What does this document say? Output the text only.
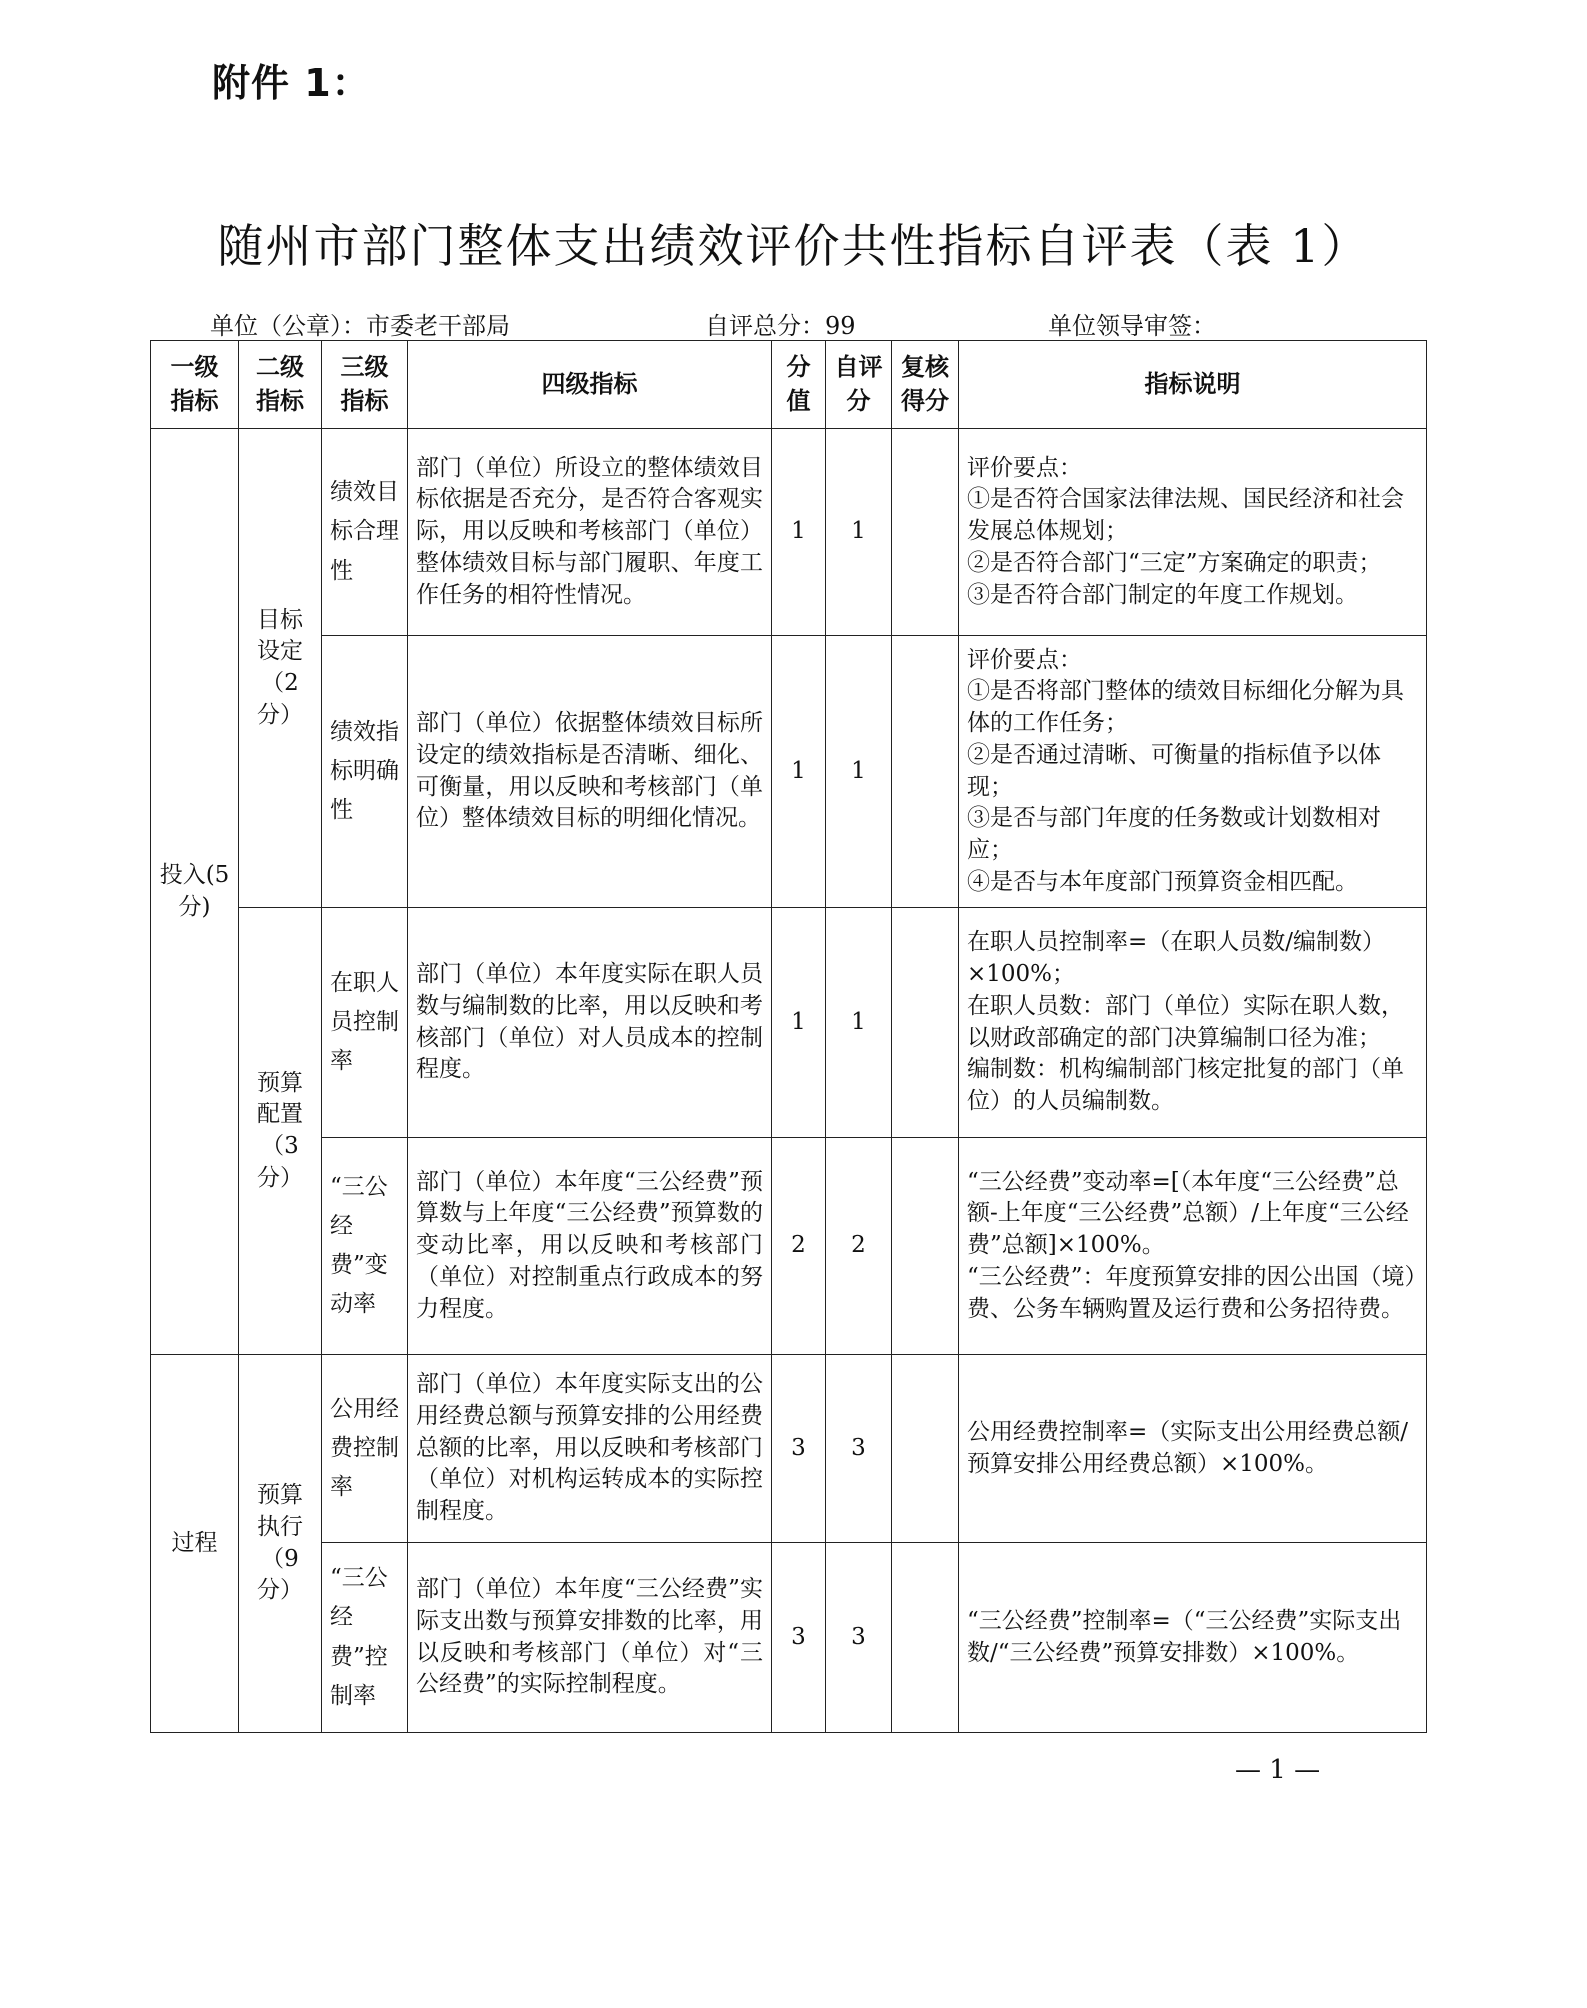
附件 1：
随州市部门整体支出绩效评价共性指标自评表（表 1）
单位（公章）：市委老干部局	自评总分：99	单位领导审签：
一级指标	二级指标	三级指标	四级指标	分值	自评分	复核得分	指标说明
投入(5分)	目标设定（2分）	绩效目标合理性	部门（单位）所设立的整体绩效目标依据是否充分，是否符合客观实际，用以反映和考核部门（单位）整体绩效目标与部门履职、年度工作任务的相符性情况。	1	1		评价要点：
①是否符合国家法律法规、国民经济和社会发展总体规划；
②是否符合部门“三定”方案确定的职责；
③是否符合部门制定的年度工作规划。

		绩效指标明确性	部门（单位）依据整体绩效目标所设定的绩效指标是否清晰、细化、可衡量，用以反映和考核部门（单位）整体绩效目标的明细化情况。	1	1		评价要点：
①是否将部门整体的绩效目标细化分解为具体的工作任务；
②是否通过清晰、可衡量的指标值予以体现；
③是否与部门年度的任务数或计划数相对应；
④是否与本年度部门预算资金相匹配。

	预算配置（3分）	在职人员控制率	部门（单位）本年度实际在职人员数与编制数的比率，用以反映和考核部门（单位）对人员成本的控制程度。	1	1		在职人员控制率=（在职人员数/编制数）×100%；
在职人员数：部门（单位）实际在职人数，以财政部确定的部门决算编制口径为准；
编制数：机构编制部门核定批复的部门（单位）的人员编制数。

		“三公经费”变动率	部门（单位）本年度“三公经费”预算数与上年度“三公经费”预算数的变动比率，用以反映和考核部门（单位）对控制重点行政成本的努力程度。	2	2		“三公经费”变动率=[（本年度“三公经费”总额-上年度“三公经费”总额）/上年度“三公经费”总额]×100%。
“三公经费”：年度预算安排的因公出国（境）费、公务车辆购置及运行费和公务招待费。

过程	预算执行（9分）	公用经费控制率	部门（单位）本年度实际支出的公用经费总额与预算安排的公用经费总额的比率，用以反映和考核部门（单位）对机构运转成本的实际控制程度。	3	3		公用经费控制率=（实际支出公用经费总额/预算安排公用经费总额）×100%。

		“三公经费”控制率	部门（单位）本年度“三公经费”实际支出数与预算安排数的比率，用以反映和考核部门（单位）对“三公经费”的实际控制程度。	3	3		“三公经费”控制率=（“三公经费”实际支出数/“三公经费”预算安排数）×100%。
— 1 —
